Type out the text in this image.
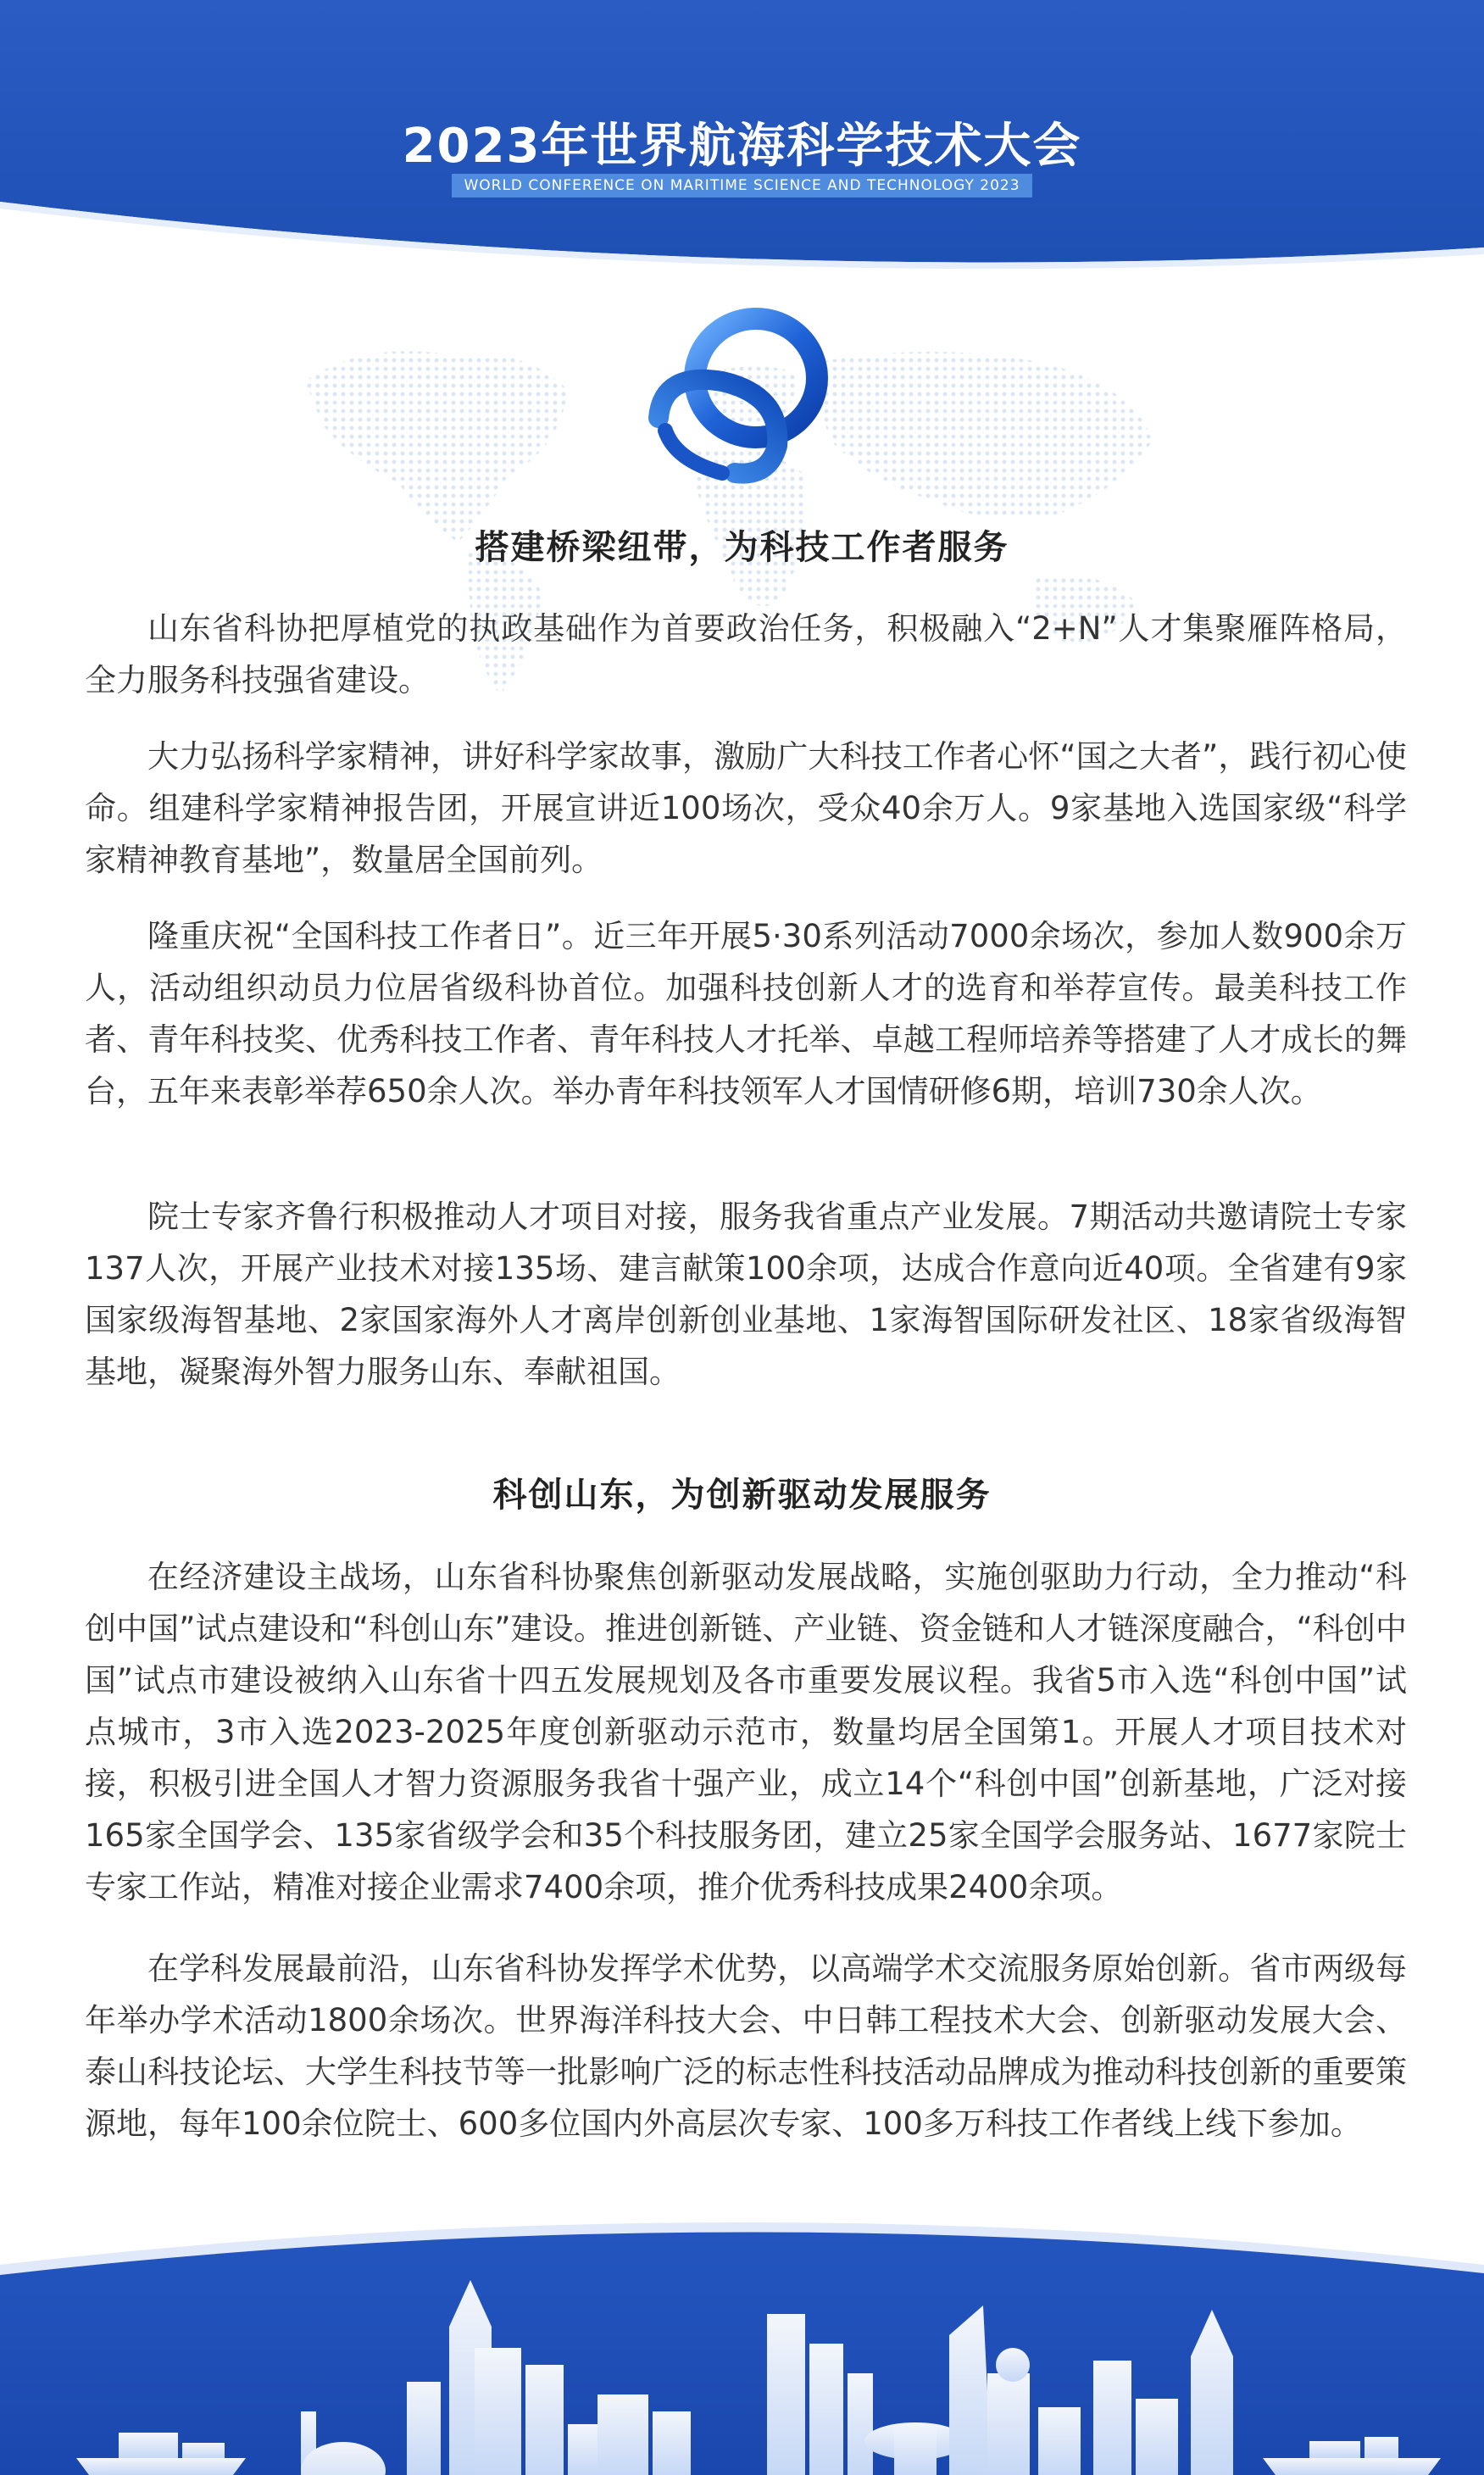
2023年世界航海科学技术大会
WORLD CONFERENCE ON MARITIME SCIENCE AND TECHNOLOGY 2023
搭建桥梁纽带，为科技工作者服务

山东省科协把厚植党的执政基础作为首要政治任务，积极融入“2+N”人才集聚雁阵格局，全力服务科技强省建设。

大力弘扬科学家精神，讲好科学家故事，激励广大科技工作者心怀“国之大者”，践行初心使命。组建科学家精神报告团，开展宣讲近100场次，受众40余万人。9家基地入选国家级“科学家精神教育基地”，数量居全国前列。

隆重庆祝“全国科技工作者日”。近三年开展5·30系列活动7000余场次，参加人数900余万人，活动组织动员力位居省级科协首位。加强科技创新人才的选育和举荐宣传。最美科技工作者、青年科技奖、优秀科技工作者、青年科技人才托举、卓越工程师培养等搭建了人才成长的舞台，五年来表彰举荐650余人次。举办青年科技领军人才国情研修6期，培训730余人次。

院士专家齐鲁行积极推动人才项目对接，服务我省重点产业发展。7期活动共邀请院士专家137人次，开展产业技术对接135场、建言献策100余项，达成合作意向近40项。全省建有9家国家级海智基地、2家国家海外人才离岸创新创业基地、1家海智国际研发社区、18家省级海智基地，凝聚海外智力服务山东、奉献祖国。

科创山东，为创新驱动发展服务

在经济建设主战场，山东省科协聚焦创新驱动发展战略，实施创驱助力行动，全力推动“科创中国”试点建设和“科创山东”建设。推进创新链、产业链、资金链和人才链深度融合，“科创中国”试点市建设被纳入山东省十四五发展规划及各市重要发展议程。我省5市入选“科创中国”试点城市，3市入选2023-2025年度创新驱动示范市，数量均居全国第1。开展人才项目技术对接，积极引进全国人才智力资源服务我省十强产业，成立14个“科创中国”创新基地，广泛对接165家全国学会、135家省级学会和35个科技服务团，建立25家全国学会服务站、1677家院士专家工作站，精准对接企业需求7400余项，推介优秀科技成果2400余项。

在学科发展最前沿，山东省科协发挥学术优势，以高端学术交流服务原始创新。省市两级每年举办学术活动1800余场次。世界海洋科技大会、中日韩工程技术大会、创新驱动发展大会、泰山科技论坛、大学生科技节等一批影响广泛的标志性科技活动品牌成为推动科技创新的重要策源地，每年100余位院士、600多位国内外高层次专家、100多万科技工作者线上线下参加。
